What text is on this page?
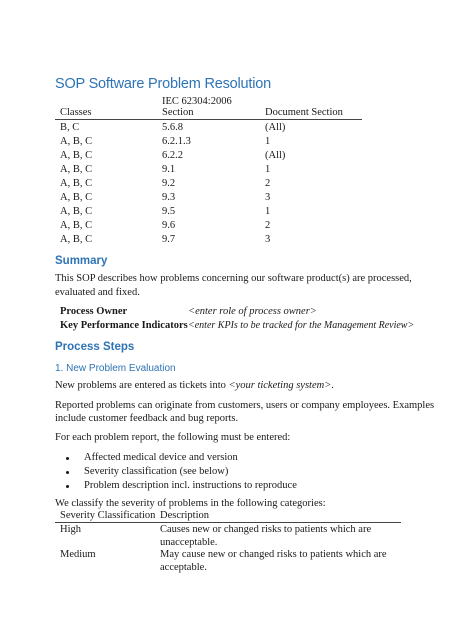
SOP Software Problem Resolution
IEC 62304:2006
Classes	Section	Document Section
B, C	5.6.8	(All)
A, B, C	6.2.1.3	1
A, B, C	6.2.2	(All)
A, B, C	9.1	1
A, B, C	9.2	2
A, B, C	9.3	3
A, B, C	9.5	1
A, B, C	9.6	2
A, B, C	9.7	3
Summary
This SOP describes how problems concerning our software product(s) are processed,
evaluated and fixed.
Process Owner	<enter role of process owner>
Key Performance Indicators <enter KPIs to be tracked for the Management Review>
Process Steps
1. New Problem Evaluation
New problems are entered as tickets into <your ticketing system>.
Reported problems can originate from customers, users or company employees. Examples
include customer feedback and bug reports.
For each problem report, the following must be entered:
Affected medical device and version
Severity classification (see below)
Problem description incl. instructions to reproduce
We classify the severity of problems in the following categories:
Severity Classification Description
High	Causes new or changed risks to patients which are
unacceptable.
Medium	May cause new or changed risks to patients which are
acceptable.
